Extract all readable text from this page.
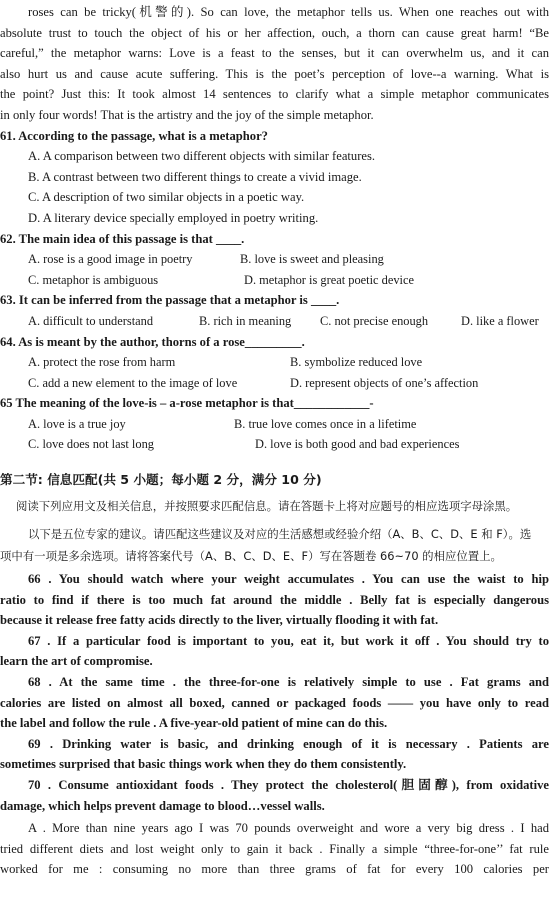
roses can be tricky(机警的). So can love, the metaphor tells us. When one reaches out with
absolute trust to touch the object of his or her affection, ouch, a thorn can cause great harm! “Be
careful,” the metaphor warns: Love is a feast to the senses, but it can overwhelm us, and it can
also hurt us and cause acute suffering. This is the poet’s perception of love--a warning. What is
the point? Just this: It took almost 14 sentences to clarify what a simple metaphor communicates
in only four words! That is the artistry and the joy of the simple metaphor.
61. According to the passage, what is a metaphor?
A. A comparison between two different objects with similar features.
B. A contrast between two different things to create a vivid image.
C. A description of two similar objects in a poetic way.
D. A literary device specially employed in poetry writing.
62. The main idea of this passage is that ____.
A. rose is a good image in poetry	B. love is sweet and pleasing
C. metaphor is ambiguous	D. metaphor is great poetic device
63. It can be inferred from the passage that a metaphor is ____.
A. difficult to understand	B. rich in meaning	C. not precise enough	D. like a flower
64. As is meant by the author, thorns of a rose_________.
A. protect the rose from harm	B. symbolize reduced love
C. add a new element to the image of love	D. represent objects of one’s affection
65 The meaning of the love-is – a-rose metaphor is that____________-
A. love is a true joy	B. true love comes once in a lifetime
C. love does not last long	D. love is both good and bad experiences
第二节: 信息匹配(共 5 小题；每小题 2 分，满分 10 分)
阅读下列应用文及相关信息，并按照要求匹配信息。请在答题卡上将对应题号的相应选项字母涂黑。
以下是五位专家的建议。请匹配这些建议及对应的生活感想或经验介绍（A、B、C、D、E 和 F）。选
项中有一项是多余选项。请将答案代号（A、B、C、D、E、F）写在答题卷 66~70 的相应位置上。
66 . You should watch where your weight accumulates . You can use the waist to hip
ratio to find if there is too much fat around the middle . Belly fat is especially dangerous
because it release free fatty acids directly to the liver, virtually flooding it with fat.
67 . If a particular food is important to you, eat it, but work it off . You should try to
learn the art of compromise.
68 . At the same time . the three-for-one is relatively simple to use . Fat grams and
calories are listed on almost all boxed, canned or packaged foods —— you have only to read
the label and follow the rule . A five-year-old patient of mine can do this.
69 . Drinking water is basic, and drinking enough of it is necessary . Patients are
sometimes surprised that basic things work when they do them consistently.
70 . Consume antioxidant foods . They protect the cholesterol(胆固醇), from oxidative
damage, which helps prevent damage to blood…vessel walls.
A . More than nine years ago I was 70 pounds overweight and wore a very big dress . I had
tried different diets and lost weight only to gain it back . Finally a simple “three-for-one’’ fat rule
worked for me : consuming no more than three grams of fat for every 100 calories per
